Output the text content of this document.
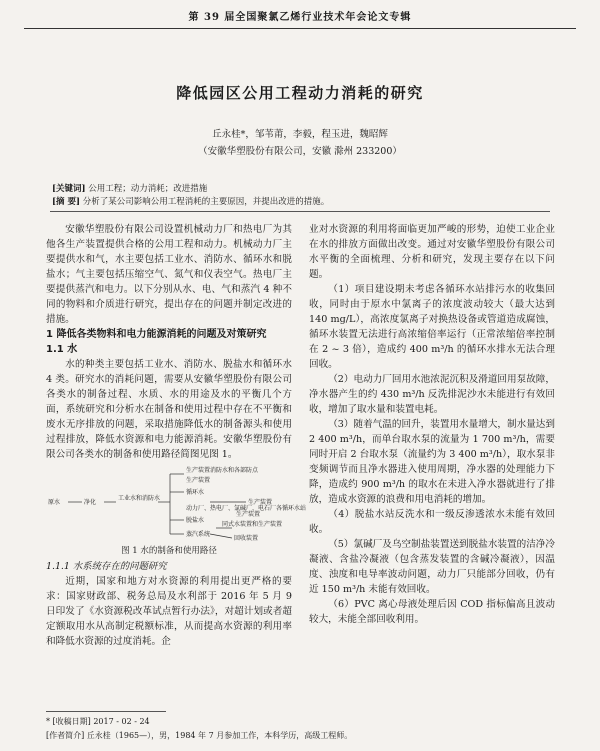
第 39 届全国聚氯乙烯行业技术年会论文专辑
降低园区公用工程动力消耗的研究
丘永桂*，邹苇莆，李毅，程玉进，魏昭辉
（安徽华塑股份有限公司，安徽 滁州 233200）
[关键词] 公用工程；动力消耗；改进措施
[摘 要] 分析了某公司影响公用工程消耗的主要原因，并提出改进的措施。

安徽华塑股份有限公司设置机械动力厂和热电厂为其他各生产装置提供合格的公用工程和动力。机械动力厂主要提供水和气，水主要包括工业水、消防水、循环水和脱盐水；气主要包括压缩空气、氮气和仪表空气。热电厂主要提供蒸汽和电力。以下分别从水、电、气和蒸汽 4 种不同的物料和介质进行研究，提出存在的问题并制定改进的措施。

1 降低各类物料和电力能源消耗的问题及对策研究

1.1 水

水的种类主要包括工业水、消防水、脱盐水和循环水 4 类。研究水的消耗问题，需要从安徽华塑股份有限公司各类水的制备过程、水质、水的用途及水的平衡几个方面，系统研究和分析水在制备和使用过程中存在不平衡和废水无序排放的问题，采取措施降低水的制备源头和使用过程排放，降低水资源和电力能源消耗。安徽华塑股份有限公司各类水的制备和使用路径简图见图 1。

原水	净化
工业水和消防水
循环水
脱盐水
蒸汽系统
生产装置
回收装置
生产装置消防水和各部防点
动力厂、热电厂、氯碱厂、电石厂各循环水站
生产装置
同式水装置和生产装置
生产装置

图 1 水的制备和使用路径

1.1.1 水系统存在的问题研究

近期，国家和地方对水资源的利用提出更严格的要求：国家财政部、税务总局及水利部于 2016 年 5 月 9 日印发了《水资源税改革试点暂行办法》，对超计划或者超定额取用水从高制定税额标准，从而提高水资源的利用率和降低水资源的过度消耗。企

业对水资源的利用将面临更加严峻的形势，迫使工业企业在水的排放方面做出改变。通过对安徽华塑股份有限公司水平衡的全面梳理、分析和研究，发现主要存在以下问题。

（1）项目建设期未考虑各循环水站排污水的收集回收，同时由于原水中氯离子的浓度波动较大（最大达到 140 mg/L），高浓度氯离子对换热设备或管道造成腐蚀，循环水装置无法进行高浓缩倍率运行（正常浓缩倍率控制在 2 ~ 3 倍），造成约 400 m³/h 的循环水排水无法合理回收。

（2）电动力厂回用水池浓泥沉积及滑道回用泵故障，净水器产生的约 430 m³/h 反洗排泥沙水未能进行有效回收，增加了取水量和装置电耗。

（3）随着气温的回升，装置用水量增大，制水量达到 2 400 m³/h，而单台取水泵的流量为 1 700 m³/h，需要同时开启 2 台取水泵（流量约为 3 400 m³/h），取水泵非变频调节而且净水器进入使用周期，净水器的处理能力下降，造成约 900 m³/h 的取水在未进入净水器就进行了排放，造成水资源的浪费和用电消耗的增加。

（4）脱盐水站反洗水和一级反渗透浓水未能有效回收。

（5）氯碱厂及乌空制盐装置送到脱盐水装置的洁净冷凝液、含盐冷凝液（包含蒸发装置的含碱冷凝液），因温度、浊度和电导率波动问题，动力厂只能部分回收，仍有近 150 m³/h 未能有效回收。

（6）PVC 离心母液处理后因 COD 指标偏高且波动较大，未能全部回收利用。

* [收稿日期] 2017 - 02 - 24
[作者简介] 丘永桂（1965—），男，1984 年 7 月参加工作，本科学历，高级工程师。
